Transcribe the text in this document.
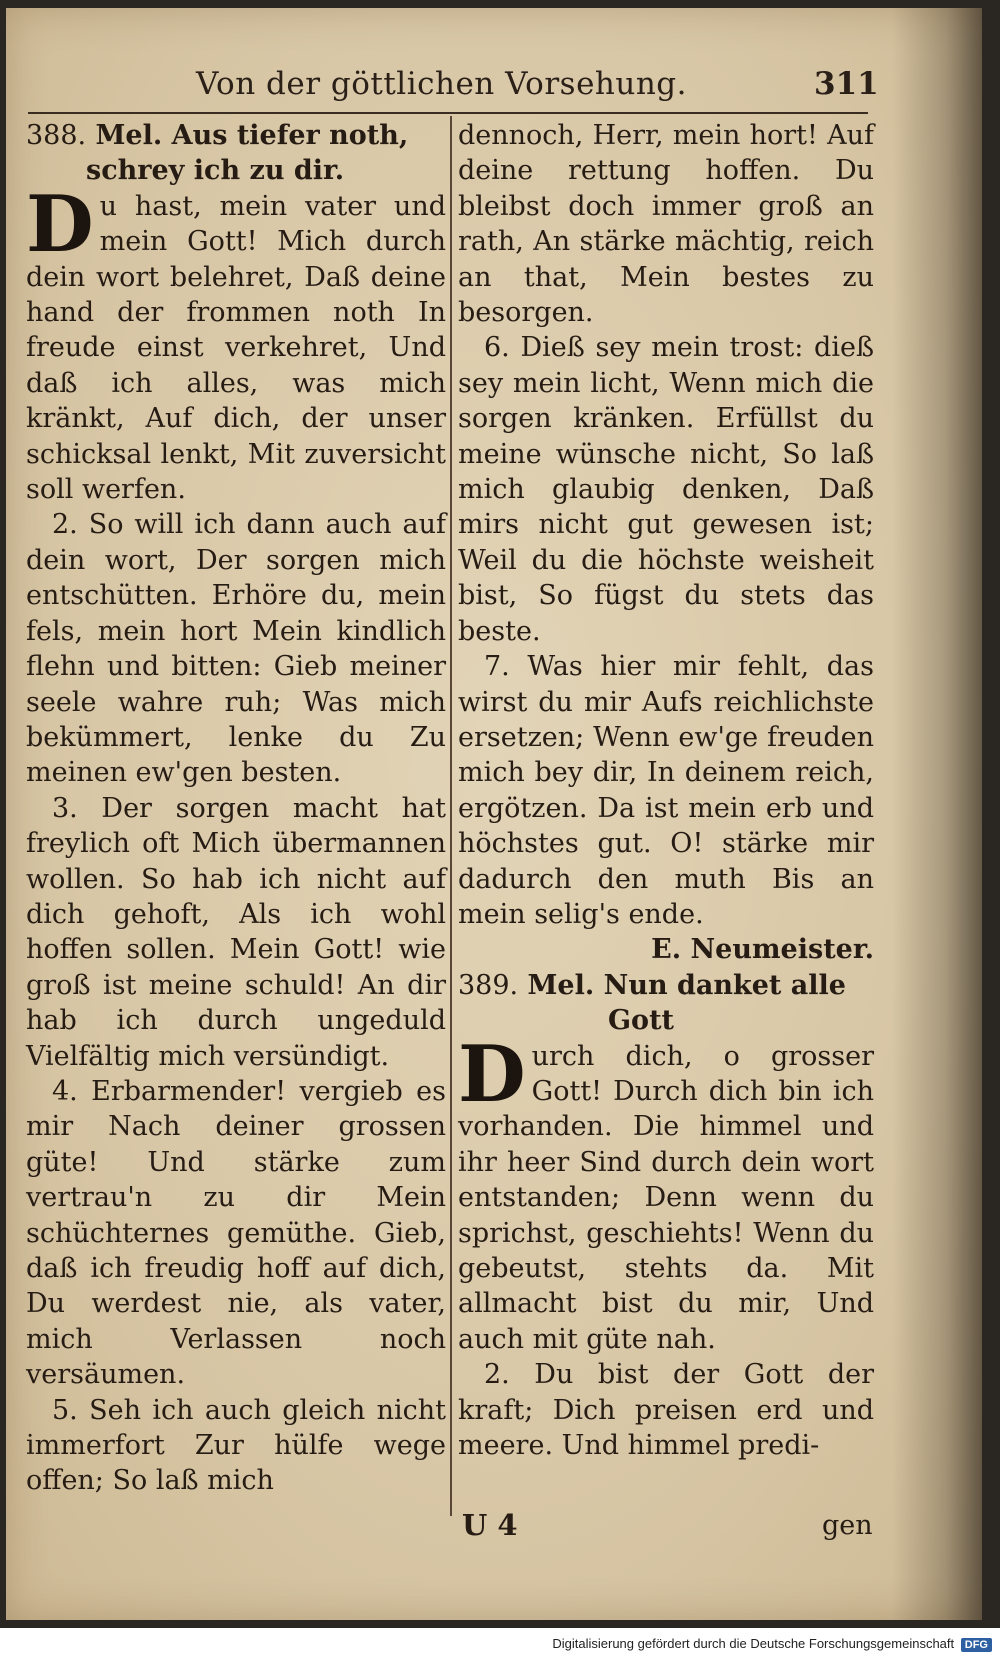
Von der göttlichen Vorsehung.	311
388. Mel. Aus tiefer noth,
schrey ich zu dir.

Du hast, mein vater und mein Gott! Mich durch dein wort belehret, Daß deine hand der frommen noth In freude einst verkehret, Und daß ich alles, was mich kränkt, Auf dich, der unser schicksal lenkt, Mit zuversicht soll werfen.

2. So will ich dann auch auf dein wort, Der sorgen mich entschütten. Erhöre du, mein fels, mein hort Mein kindlich flehn und bitten: Gieb meiner seele wahre ruh; Was mich bekümmert, lenke du Zu meinen ew'gen besten.

3. Der sorgen macht hat freylich oft Mich übermannen wollen. So hab ich nicht auf dich gehoft, Als ich wohl hoffen sollen. Mein Gott! wie groß ist meine schuld! An dir hab ich durch ungeduld Vielfältig mich versündigt.

4. Erbarmender! vergieb es mir Nach deiner grossen güte! Und stärke zum vertrau'n zu dir Mein schüchternes gemüthe. Gieb, daß ich freudig hoff auf dich, Du werdest nie, als vater, mich Verlassen noch versäumen.

5. Seh ich auch gleich nicht immerfort Zur hülfe wege offen; So laß mich

dennoch, Herr, mein hort! Auf deine rettung hoffen. Du bleibst doch immer groß an rath, An stärke mächtig, reich an that, Mein bestes zu besorgen.

6. Dieß sey mein trost: dieß sey mein licht, Wenn mich die sorgen kränken. Erfüllst du meine wünsche nicht, So laß mich glaubig denken, Daß mirs nicht gut gewesen ist; Weil du die höchste weisheit bist, So fügst du stets das beste.

7. Was hier mir fehlt, das wirst du mir Aufs reichlichste ersetzen; Wenn ew'ge freuden mich bey dir, In deinem reich, ergötzen. Da ist mein erb und höchstes gut. O! stärke mir dadurch den muth Bis an mein selig's ende.

E. Neumeister.

389. Mel. Nun danket alle
Gott

Durch dich, o grosser Gott! Durch dich bin ich vorhanden. Die himmel und ihr heer Sind durch dein wort entstanden; Denn wenn du sprichst, geschiehts! Wenn du gebeutst, stehts da. Mit allmacht bist du mir, Und auch mit güte nah.

2. Du bist der Gott der kraft; Dich preisen erd und meere. Und himmel predi-

U 4	gen
Digitalisierung gefördert durch die Deutsche Forschungsgemeinschaft DFG
